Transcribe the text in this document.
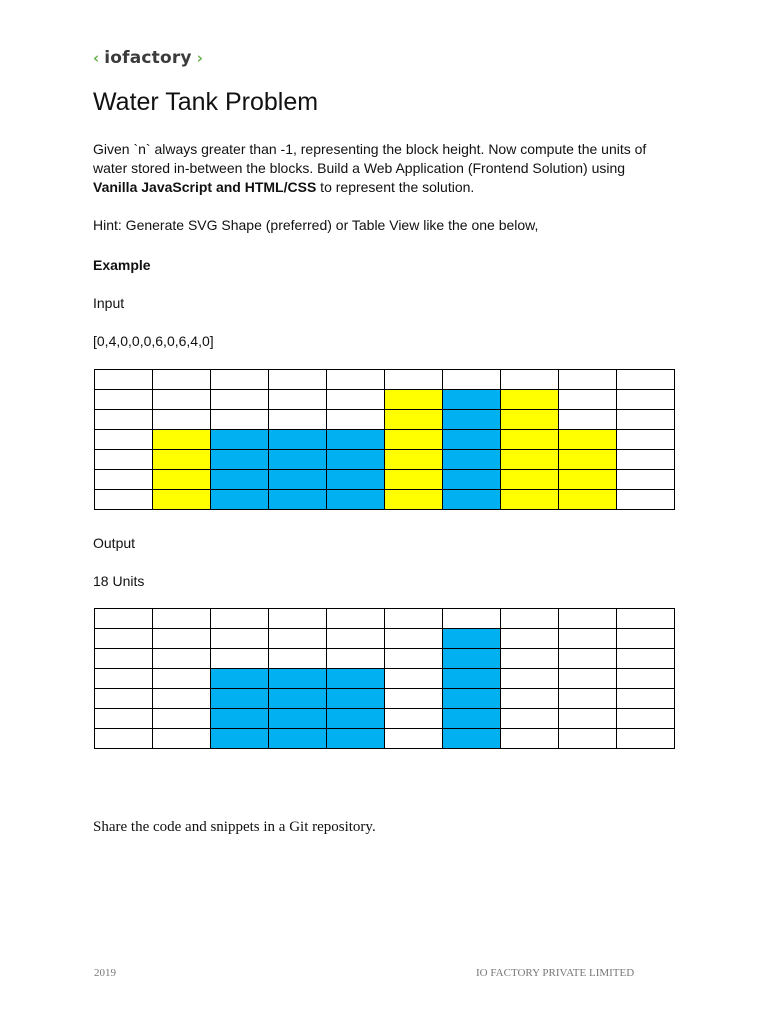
‹ iofactory ›
Water Tank Problem

Given `n` always greater than -1, representing the block height. Now compute the units of water stored in-between the blocks. Build a Web Application (Frontend Solution) using Vanilla JavaScript and HTML/CSS to represent the solution.

Hint: Generate SVG Shape (preferred) or Table View like the one below,

Example

Input

[0,4,0,0,0,6,0,6,4,0]

Output

18 Units

Share the code and snippets in a Git repository.

2019	IO FACTORY PRIVATE LIMITED
